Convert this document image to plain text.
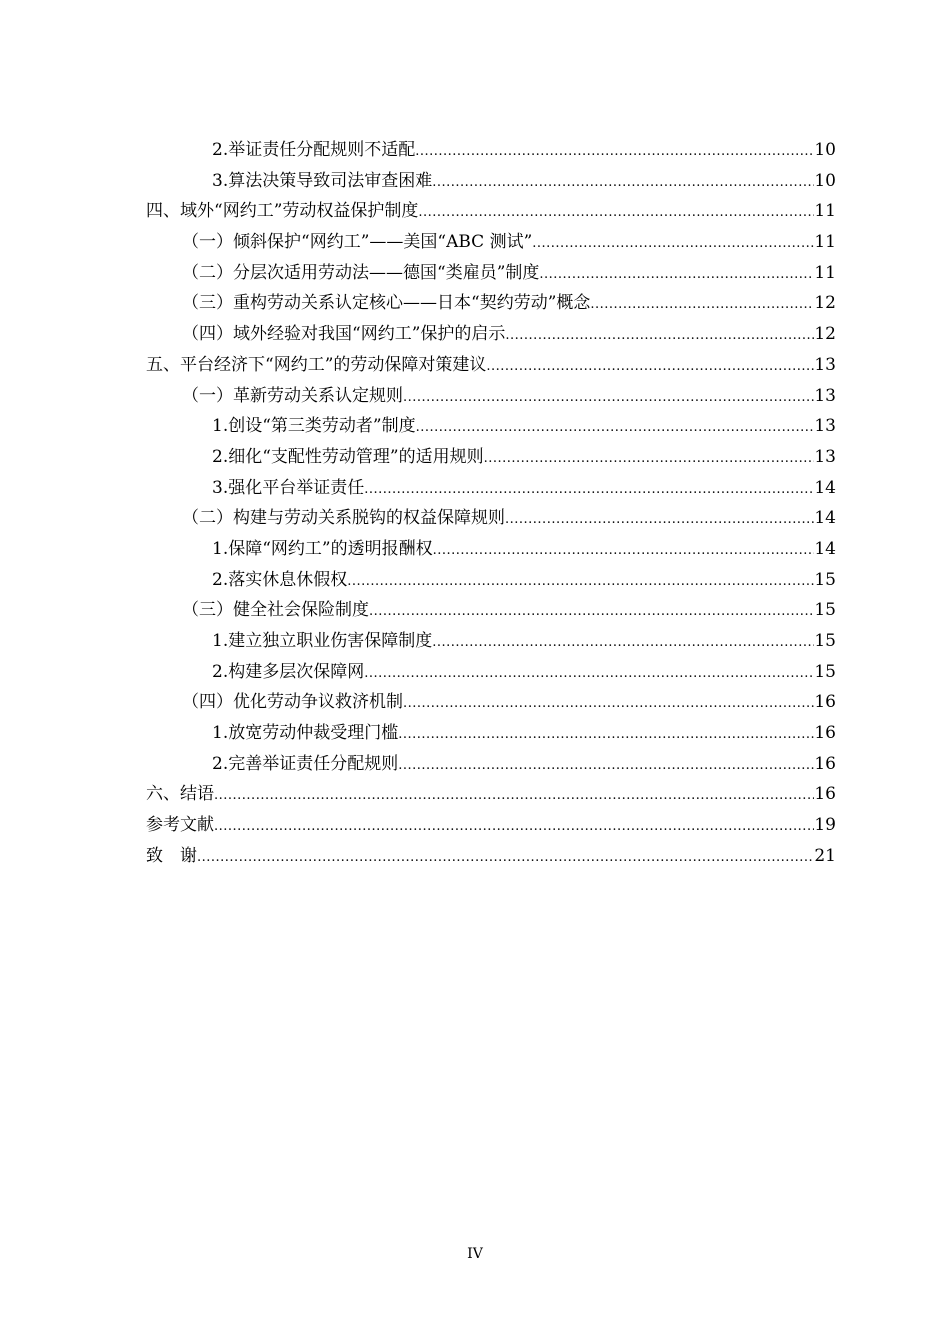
2.举证责任分配规则不适配 .....	10
3.算法决策导致司法审查困难 .....	10
四、域外“网约工”劳动权益保护制度 .....	11
（一）倾斜保护“网约工”——美国“ABC 测试” .....	11
（二）分层次适用劳动法——德国“类雇员”制度 .....	11
（三）重构劳动关系认定核心——日本“契约劳动”概念 .....	12
（四）域外经验对我国“网约工”保护的启示 .....	12
五、平台经济下“网约工”的劳动保障对策建议 .....	13
（一）革新劳动关系认定规则 .....	13
1.创设“第三类劳动者”制度 .....	13
2.细化“支配性劳动管理”的适用规则 .....	13
3.强化平台举证责任 .....	14
（二）构建与劳动关系脱钩的权益保障规则 .....	14
1.保障“网约工”的透明报酬权 .....	14
2.落实休息休假权 .....	15
（三）健全社会保险制度 .....	15
1.建立独立职业伤害保障制度 .....	15
2.构建多层次保障网 .....	15
（四）优化劳动争议救济机制 .....	16
1.放宽劳动仲裁受理门槛 .....	16
2.完善举证责任分配规则 .....	16
六、结语 .....	16
参考文献 .....	19
致　谢 .....	21
IV
